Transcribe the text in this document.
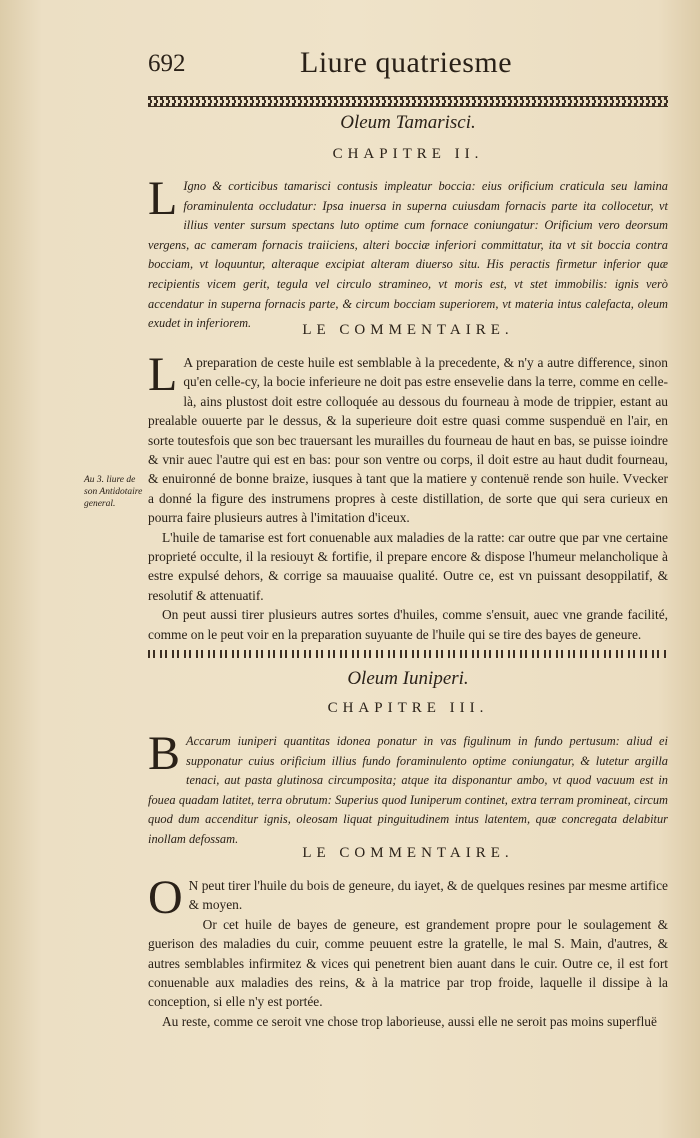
692	Liure quatriesme
Oleum Tamarisci.
CHAPITRE II.
L Igno & corticibus tamarisci contusis impleatur boccia: eius orificium craticula seu lamina foraminulenta occludatur: Ipsa inuersa in superna cuiusdam fornacis parte ita collocetur, vt illius venter sursum spectans luto optime cum fornace coniungatur: Orificium vero deorsum vergens, ac cameram fornacis traiiciens, alteri bocciæ inferiori committatur, ita vt sit boccia contra bocciam, vt loquuntur, alteraque excipiat alteram diuerso situ. His peractis firmetur inferior quæ recipientis vicem gerit, tegula vel circulo stramineo, vt moris est, vt stet immobilis: ignis verò accendatur in superna fornacis parte, & circum bocciam superiorem, vt materia intus calefacta, oleum exudet in inferiorem.	LE COMMENTAIRE.

L A preparation de ceste huile est semblable à la precedente, & n'y a autre difference, sinon qu'en celle-cy, la bocie inferieure ne doit pas estre ensevelie dans la terre, comme en celle-là, ains plustost doit estre colloquée au dessous du fourneau à mode de trippier, estant au prealable ouuerte par le dessus, & la superieure doit estre quasi comme suspenduë en l'air, en sorte toutesfois que son bec trauersant les murailles du fourneau de haut en bas, se puisse ioindre & vnir auec l'autre qui est en bas: pour son ventre ou corps, il doit estre au haut dudit fourneau, & enuironné de bonne braize, iusques à tant que la matiere y contenuë rende son huile. Vvecker a donné la figure des instrumens propres à ceste distillation, de sorte que qui sera curieux en pourra faire plusieurs autres à l'imitation d'iceux.

L'huile de tamarise est fort conuenable aux maladies de la ratte: car outre que par vne certaine proprieté occulte, il la resiouyt & fortifie, il prepare encore & dispose l'humeur melancholique à estre expulsé dehors, & corrige sa mauuaise qualité. Outre ce, est vn puissant desoppilatif, & resolutif & attenuatif.

On peut aussi tirer plusieurs autres sortes d'huiles, comme s'ensuit, auec vne grande facilité, comme on le peut voir en la preparation suyuante de l'huile qui se tire des bayes de geneure.

Au 3. liure de son Antidotaire general.
Oleum Iuniperi.
CHAPITRE III.
B Accarum iuniperi quantitas idonea ponatur in vas figulinum in fundo pertusum: aliud ei supponatur cuius orificium illius fundo foraminulento optime coniungatur, & lutetur argilla tenaci, aut pasta glutinosa circumposita; atque ita disponantur ambo, vt quod vacuum est in fouea quadam latitet, terra obrutum: Superius quod Iuniperum continet, extra terram promineat, circum quod dum accenditur ignis, oleosam liquat pinguitudinem intus latentem, quæ concregata delabitur inollam defossam.
LE COMMENTAIRE.

O N peut tirer l'huile du bois de geneure, du iayet, & de quelques resines par mesme artifice & moyen.

Or cet huile de bayes de geneure, est grandement propre pour le soulagement & guerison des maladies du cuir, comme peuuent estre la gratelle, le mal S. Main, d'autres, & autres semblables infirmitez & vices qui penetrent bien auant dans le cuir. Outre ce, il est fort conuenable aux maladies des reins, & à la matrice par trop froide, laquelle il dissipe à la conception, si elle n'y est portée.

Au reste, comme ce seroit vne chose trop laborieuse, aussi elle ne seroit pas moins superfluë
